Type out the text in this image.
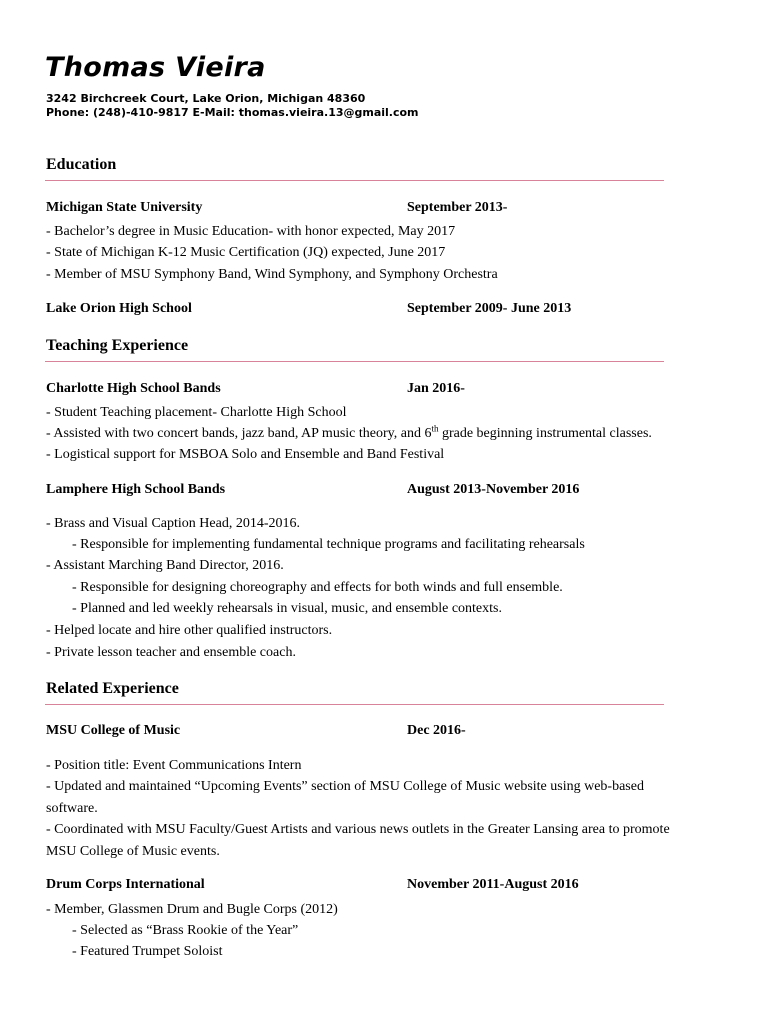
Thomas Vieira
3242 Birchcreek Court, Lake Orion, Michigan 48360
Phone: (248)-410-9817 E-Mail: thomas.vieira.13@gmail.com
Education
Michigan State University	September 2013-
- Bachelor’s degree in Music Education- with honor expected, May 2017
- State of Michigan K-12 Music Certification (JQ) expected, June 2017
- Member of MSU Symphony Band, Wind Symphony, and Symphony Orchestra
Lake Orion High School	September 2009- June 2013
Teaching Experience
Charlotte High School Bands	Jan 2016-
- Student Teaching placement- Charlotte High School
- Assisted with two concert bands, jazz band, AP music theory, and 6th grade beginning instrumental classes.
- Logistical support for MSBOA Solo and Ensemble and Band Festival
Lamphere High School Bands	August 2013-November 2016
- Brass and Visual Caption Head, 2014-2016.
- Responsible for implementing fundamental technique programs and facilitating rehearsals
- Assistant Marching Band Director, 2016.
- Responsible for designing choreography and effects for both winds and full ensemble.
- Planned and led weekly rehearsals in visual, music, and ensemble contexts.
- Helped locate and hire other qualified instructors.
- Private lesson teacher and ensemble coach.
Related Experience
MSU College of Music	Dec 2016-
- Position title: Event Communications Intern
- Updated and maintained “Upcoming Events” section of MSU College of Music website using web-based
software.
- Coordinated with MSU Faculty/Guest Artists and various news outlets in the Greater Lansing area to promote
MSU College of Music events.
Drum Corps International	November 2011-August 2016
- Member, Glassmen Drum and Bugle Corps (2012)
- Selected as “Brass Rookie of the Year”
- Featured Trumpet Soloist
